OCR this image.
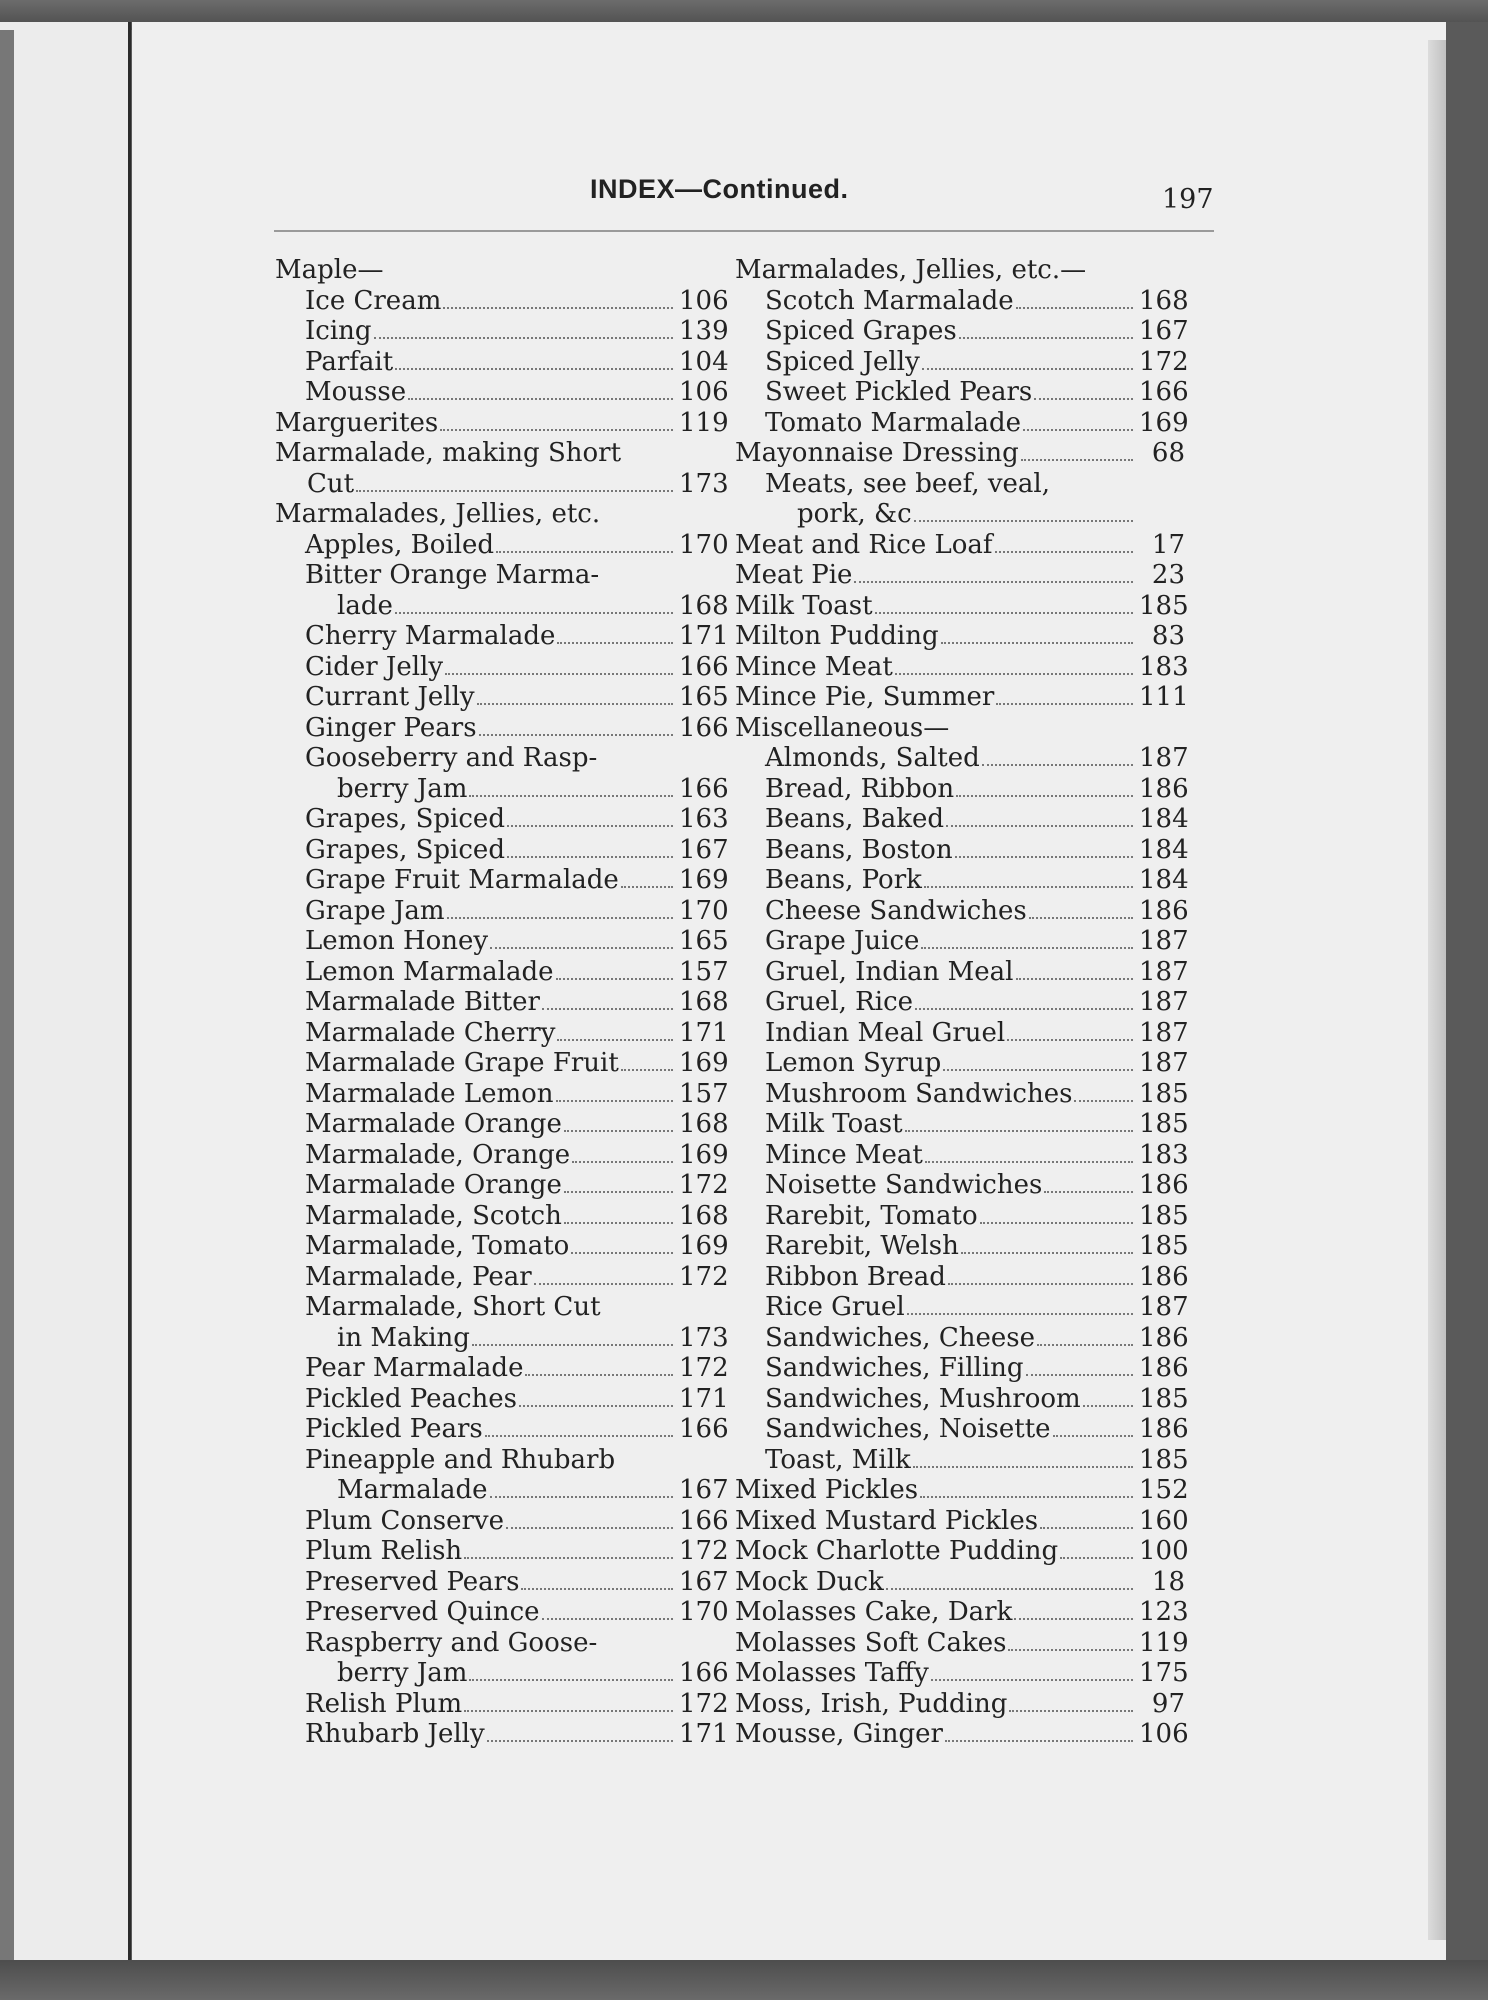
INDEX—Continued.	197
Maple—
Ice Cream	106
Icing	139
Parfait	104
Mousse	106
Marguerites	119
Marmalade, making Short
Cut	173
Marmalades, Jellies, etc.
Apples, Boiled	170
Bitter Orange Marma-
lade	168
Cherry Marmalade	171
Cider Jelly	166
Currant Jelly	165
Ginger Pears	166
Gooseberry and Rasp-
berry Jam	166
Grapes, Spiced	163
Grapes, Spiced	167
Grape Fruit Marmalade 169
Grape Jam	170
Lemon Honey	165
Lemon Marmalade	157
Marmalade Bitter	168
Marmalade Cherry	171
Marmalade Grape Fruit 169
Marmalade Lemon	157
Marmalade Orange	168
Marmalade, Orange	169
Marmalade Orange	172
Marmalade, Scotch	168
Marmalade, Tomato	169
Marmalade, Pear	172
Marmalade, Short Cut
in Making	173
Pear Marmalade	172
Pickled Peaches	171
Pickled Pears	166
Pineapple and Rhubarb
Marmalade	167
Plum Conserve	166
Plum Relish	172
Preserved Pears	167
Preserved Quince	170
Raspberry and Goose-
berry Jam	166
Relish Plum	172
Rhubarb Jelly	171
Marmalades, Jellies, etc.—
Scotch Marmalade	168
Spiced Grapes	167
Spiced Jelly	172
Sweet Pickled Pears	166
Tomato Marmalade	169
Mayonnaise Dressing	68
Meats, see beef, veal,
pork, &c
Meat and Rice Loaf	17
Meat Pie	23
Milk Toast	185
Milton Pudding	83
Mince Meat	183
Mince Pie, Summer	111
Miscellaneous—
Almonds, Salted	187
Bread, Ribbon	186
Beans, Baked	184
Beans, Boston	184
Beans, Pork	184
Cheese Sandwiches	186
Grape Juice	187
Gruel, Indian Meal	187
Gruel, Rice	187
Indian Meal Gruel	187
Lemon Syrup	187
Mushroom Sandwiches	185
Milk Toast	185
Mince Meat	183
Noisette Sandwiches	186
Rarebit, Tomato	185
Rarebit, Welsh	185
Ribbon Bread	186
Rice Gruel	187
Sandwiches, Cheese	186
Sandwiches, Filling	186
Sandwiches, Mushroom 185
Sandwiches, Noisette	186
Toast, Milk	185
Mixed Pickles	152
Mixed Mustard Pickles	160
Mock Charlotte Pudding	100
Mock Duck	18
Molasses Cake, Dark	123
Molasses Soft Cakes	119
Molasses Taffy	175
Moss, Irish, Pudding	97
Mousse, Ginger	106
